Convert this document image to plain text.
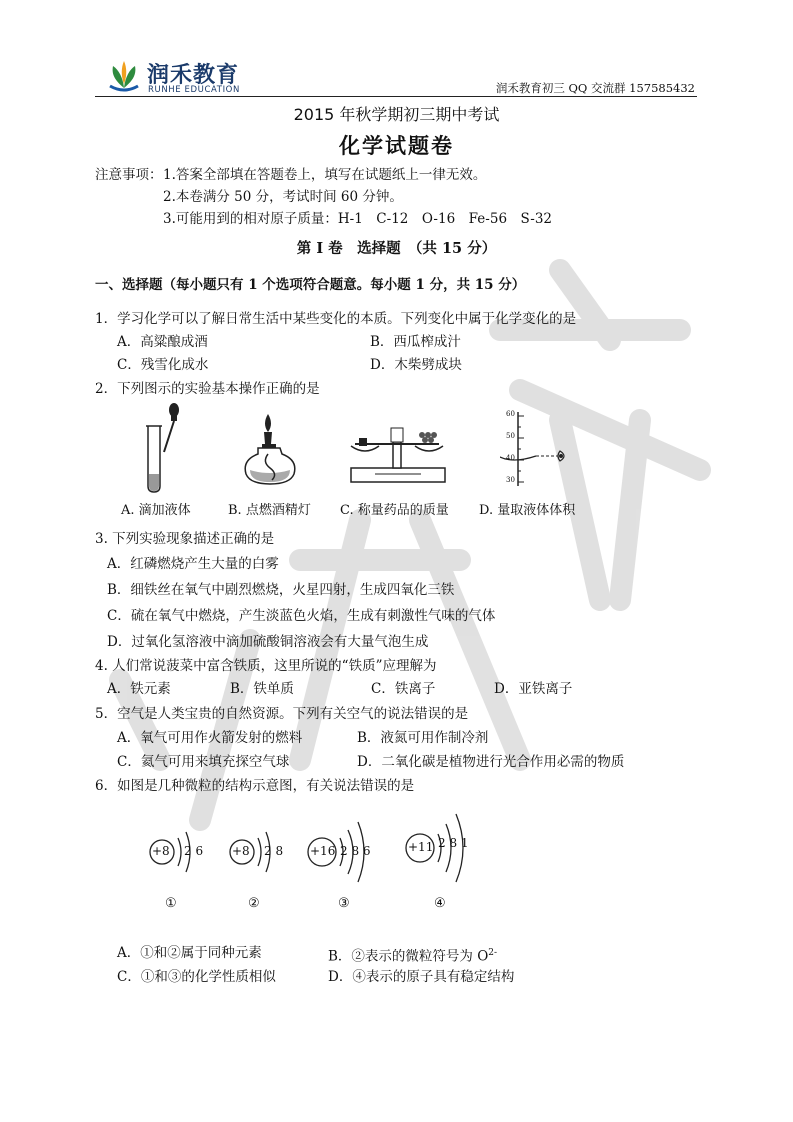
润禾教育
RUNHE EDUCATION	润禾教育初三 QQ 交流群 157585432
2015 年秋学期初三期中考试
化学试题卷
注意事项： 1.答案全部填在答题卷上，填写在试题纸上一律无效。
2.本卷满分 50 分，考试时间 60 分钟。
3.可能用到的相对原子质量：H-1　C-12　O-16　Fe-56　S-32
第 I 卷　选择题　（共 15 分）
一、选择题（每小题只有 1 个选项符合题意。每小题 1 分，共 15 分）
1．学习化学可以了解日常生活中某些变化的本质。下列变化中属于化学变化的是
A．高粱酿成酒	B．西瓜榨成汁
C．残雪化成水	D．木柴劈成块
2．下列图示的实验基本操作正确的是
60
50
40
30
A. 滴加液体	B. 点燃酒精灯 C. 称量药品的质量 D. 量取液体体积
3. 下列实验现象描述正确的是
A．红磷燃烧产生大量的白雾
B．细铁丝在氧气中剧烈燃烧，火星四射，生成四氧化三铁
C．硫在氧气中燃烧，产生淡蓝色火焰，生成有刺激性气味的气体
D．过氧化氢溶液中滴加硫酸铜溶液会有大量气泡生成
4. 人们常说菠菜中富含铁质，这里所说的“铁质”应理解为
A．铁元素	B．铁单质	C．铁离子	D．亚铁离子
5．空气是人类宝贵的自然资源。下列有关空气的说法错误的是
A．氧气可用作火箭发射的燃料	B．液氮可用作制冷剂
C．氦气可用来填充探空气球	D．二氧化碳是植物进行光合作用必需的物质
6．如图是几种微粒的结构示意图，有关说法错误的是
+8 2 6
①
+8 2 8
②
+16 2 8 6
③
+11 2 8 1
④
A．①和②属于同种元素	B．②表示的微粒符号为 $O^{2-}$
C．①和③的化学性质相似	D．④表示的原子具有稳定结构
